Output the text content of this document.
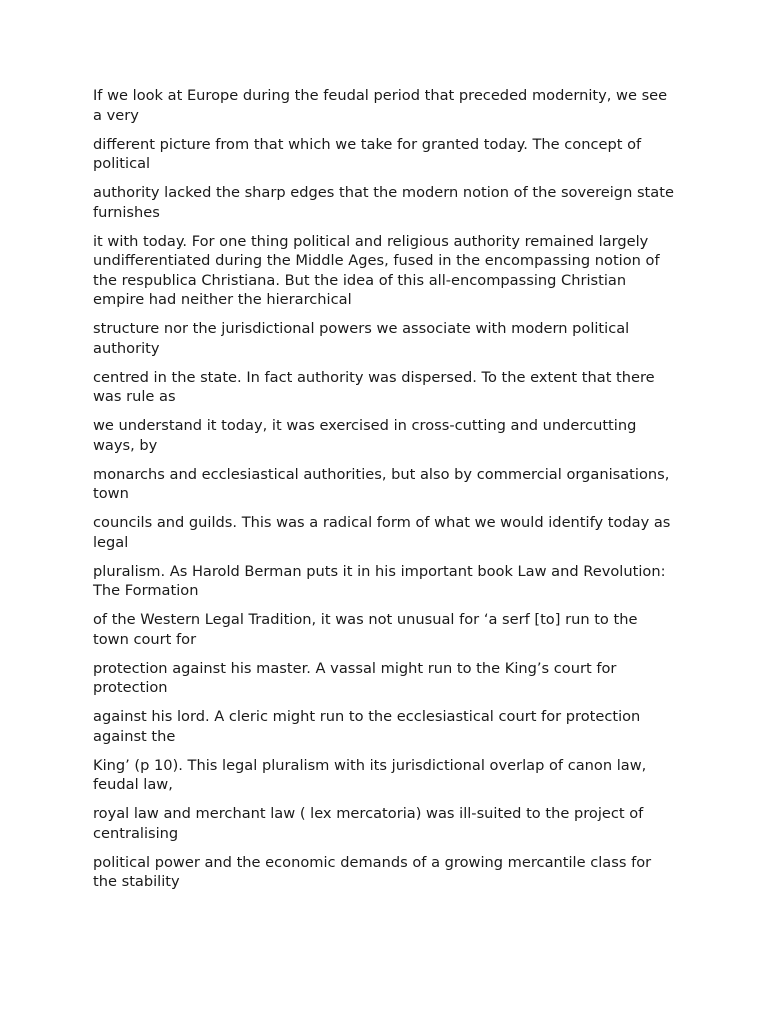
If we look at Europe during the feudal period that preceded modernity, we see a very

different picture from that which we take for granted today. The concept of political

authority lacked the sharp edges that the modern notion of the sovereign state furnishes

it with today. For one thing political and religious authority remained largely undifferentiated during the Middle Ages, fused in the encompassing notion of the respublica Christiana. But the idea of this all-encompassing Christian empire had neither the hierarchical

structure nor the jurisdictional powers we associate with modern political authority

centred in the state. In fact authority was dispersed. To the extent that there was rule as

we understand it today, it was exercised in cross-cutting and undercutting ways, by

monarchs and ecclesiastical authorities, but also by commercial organisations, town

councils and guilds. This was a radical form of what we would identify today as legal

pluralism. As Harold Berman puts it in his important book Law and Revolution: The Formation

of the Western Legal Tradition, it was not unusual for ‘a serf [to] run to the town court for

protection against his master. A vassal might run to the King’s court for protection

against his lord. A cleric might run to the ecclesiastical court for protection against the

King’ (p 10). This legal pluralism with its jurisdictional overlap of canon law, feudal law,

royal law and merchant law ( lex mercatoria) was ill-suited to the project of centralising

political power and the economic demands of a growing mercantile class for the stability
